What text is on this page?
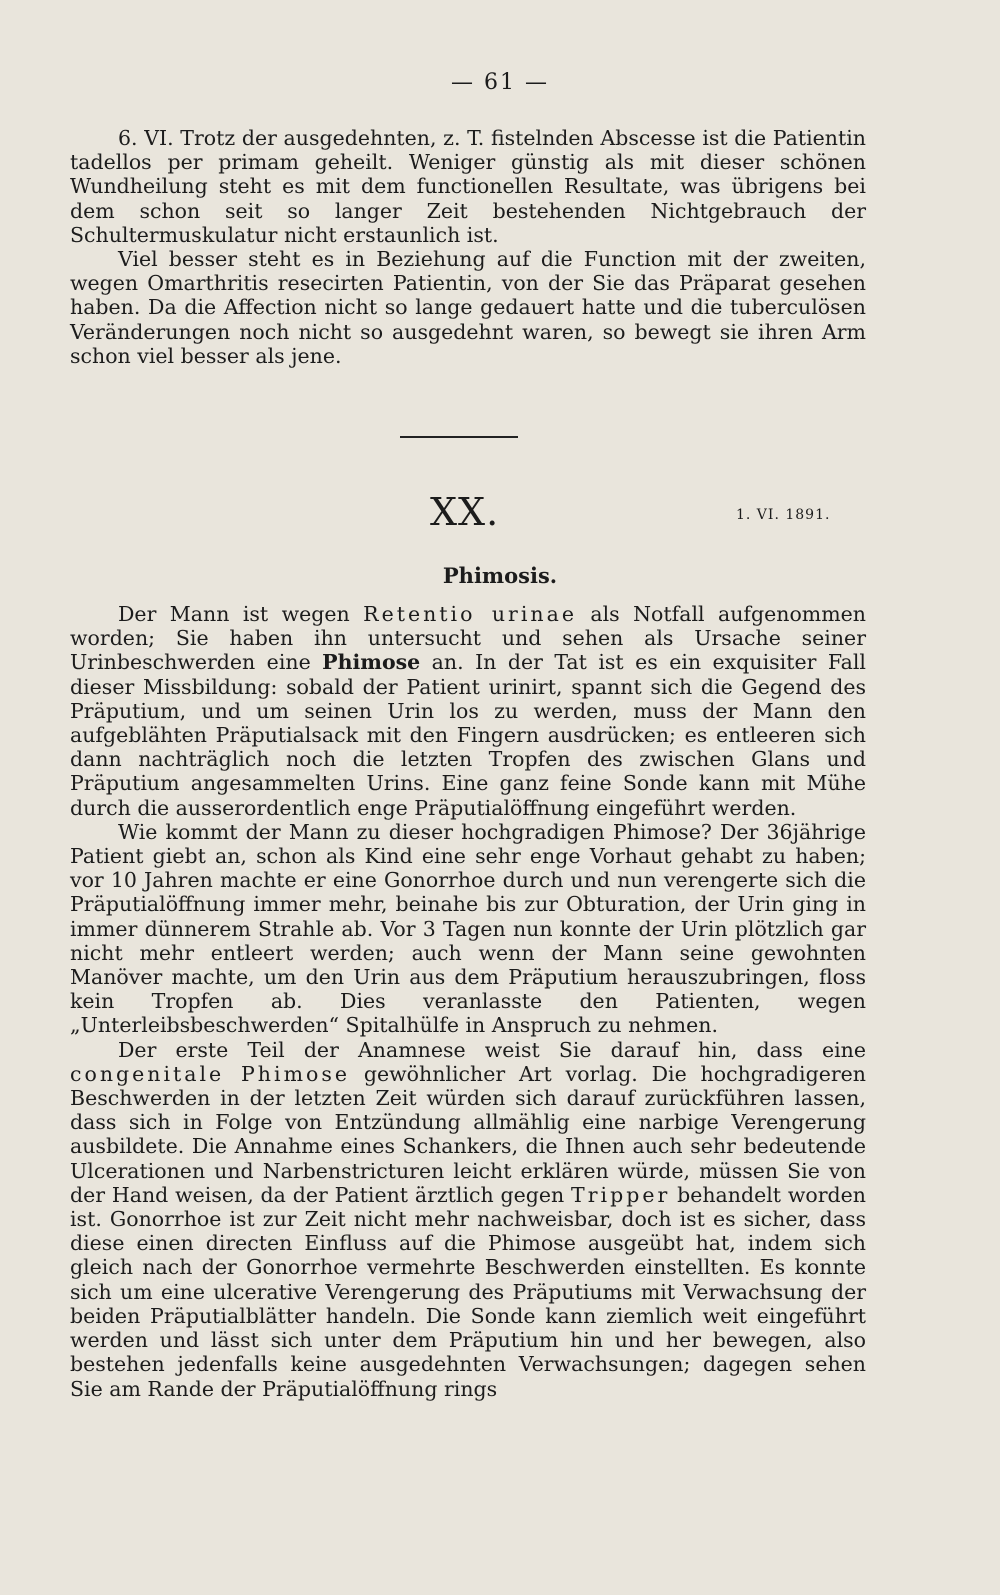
— 61 —

6. VI. Trotz der ausgedehnten, z. T. fistelnden Abscesse ist die Patientin tadellos per primam geheilt. Weniger günstig als mit dieser schönen Wundheilung steht es mit dem functionellen Resultate, was übrigens bei dem schon seit so langer Zeit bestehenden Nichtgebrauch der Schultermuskulatur nicht erstaunlich ist.

Viel besser steht es in Beziehung auf die Function mit der zweiten, wegen Omarthritis resecirten Patientin, von der Sie das Präparat gesehen haben. Da die Affection nicht so lange gedauert hatte und die tuberculösen Veränderungen noch nicht so ausgedehnt waren, so bewegt sie ihren Arm schon viel besser als jene.

XX.	1. VI. 1891.
Phimosis.

Der Mann ist wegen Retentio urinae als Notfall aufgenommen worden; Sie haben ihn untersucht und sehen als Ursache seiner Urinbeschwerden eine Phimose an. In der Tat ist es ein exquisiter Fall dieser Missbildung: sobald der Patient urinirt, spannt sich die Gegend des Präputium, und um seinen Urin los zu werden, muss der Mann den aufgeblähten Präputialsack mit den Fingern ausdrücken; es entleeren sich dann nachträglich noch die letzten Tropfen des zwischen Glans und Präputium angesammelten Urins. Eine ganz feine Sonde kann mit Mühe durch die ausserordentlich enge Präputialöffnung eingeführt werden.

Wie kommt der Mann zu dieser hochgradigen Phimose? Der 36jährige Patient giebt an, schon als Kind eine sehr enge Vorhaut gehabt zu haben; vor 10 Jahren machte er eine Gonorrhoe durch und nun verengerte sich die Präputialöffnung immer mehr, beinahe bis zur Obturation, der Urin ging in immer dünnerem Strahle ab. Vor 3 Tagen nun konnte der Urin plötzlich gar nicht mehr entleert werden; auch wenn der Mann seine gewohnten Manöver machte, um den Urin aus dem Präputium herauszubringen, floss kein Tropfen ab. Dies veranlasste den Patienten, wegen „Unterleibsbeschwerden“ Spitalhülfe in Anspruch zu nehmen.

Der erste Teil der Anamnese weist Sie darauf hin, dass eine congenitale Phimose gewöhnlicher Art vorlag. Die hochgradigeren Beschwerden in der letzten Zeit würden sich darauf zurückführen lassen, dass sich in Folge von Entzündung allmählig eine narbige Verengerung ausbildete. Die Annahme eines Schankers, die Ihnen auch sehr bedeutende Ulcerationen und Narbenstricturen leicht erklären würde, müssen Sie von der Hand weisen, da der Patient ärztlich gegen Tripper behandelt worden ist. Gonorrhoe ist zur Zeit nicht mehr nachweisbar, doch ist es sicher, dass diese einen directen Einfluss auf die Phimose ausgeübt hat, indem sich gleich nach der Gonorrhoe vermehrte Beschwerden einstellten. Es konnte sich um eine ulcerative Verengerung des Präputiums mit Verwachsung der beiden Präputialblätter handeln. Die Sonde kann ziemlich weit eingeführt werden und lässt sich unter dem Präputium hin und her bewegen, also bestehen jedenfalls keine ausgedehnten Verwachsungen; dagegen sehen Sie am Rande der Präputialöffnung rings
